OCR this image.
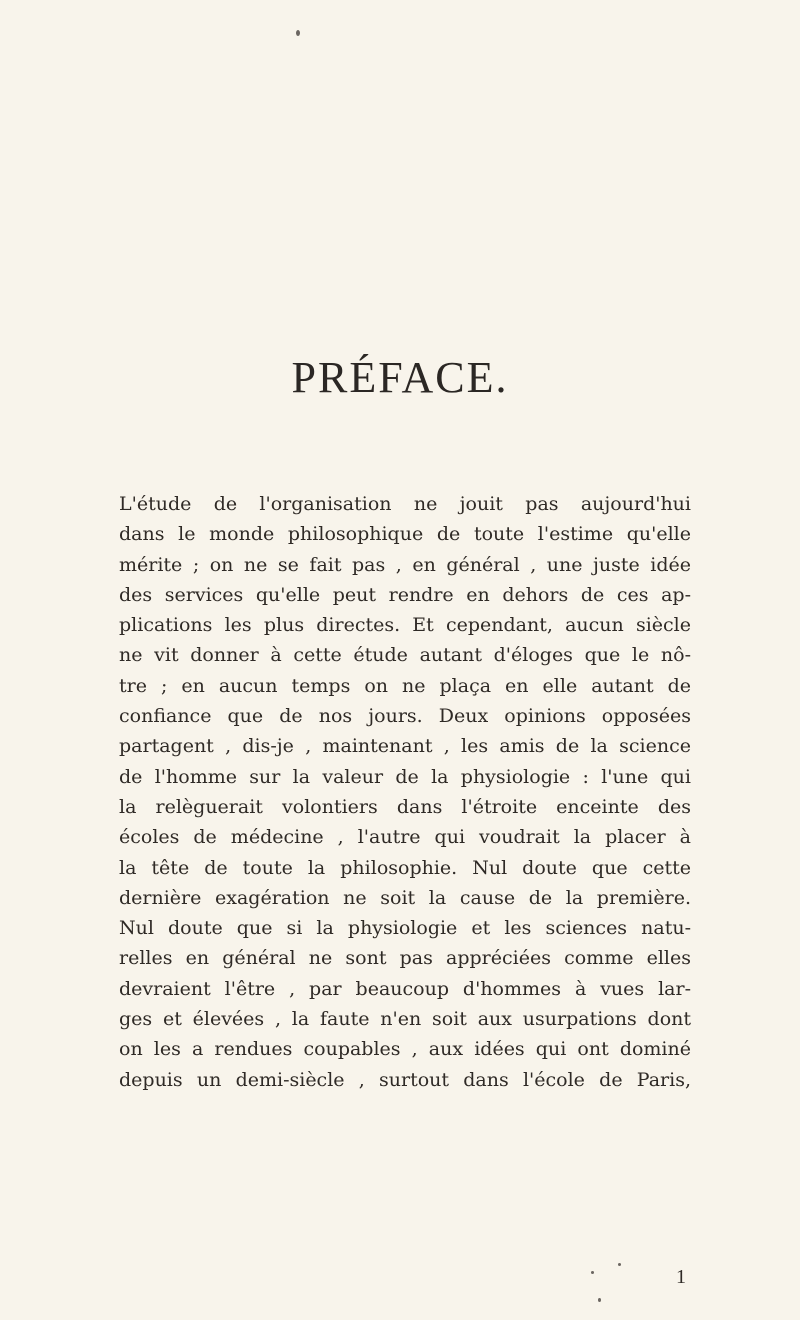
PRÉFACE.
L'étude de l'organisation ne jouit pas aujourd'hui
dans le monde philosophique de toute l'estime qu'elle
mérite ; on ne se fait pas , en général , une juste idée
des services qu'elle peut rendre en dehors de ces ap-
plications les plus directes. Et cependant, aucun siècle
ne vit donner à cette étude autant d'éloges que le nô-
tre ; en aucun temps on ne plaça en elle autant de
confiance que de nos jours. Deux opinions opposées
partagent , dis-je , maintenant , les amis de la science
de l'homme sur la valeur de la physiologie : l'une qui
la relèguerait volontiers dans l'étroite enceinte des
écoles de médecine , l'autre qui voudrait la placer à
la tête de toute la philosophie. Nul doute que cette
dernière exagération ne soit la cause de la première.
Nul doute que si la physiologie et les sciences natu-
relles en général ne sont pas appréciées comme elles
devraient l'être , par beaucoup d'hommes à vues lar-
ges et élevées , la faute n'en soit aux usurpations dont
on les a rendues coupables , aux idées qui ont dominé
depuis un demi-siècle , surtout dans l'école de Paris,
1
